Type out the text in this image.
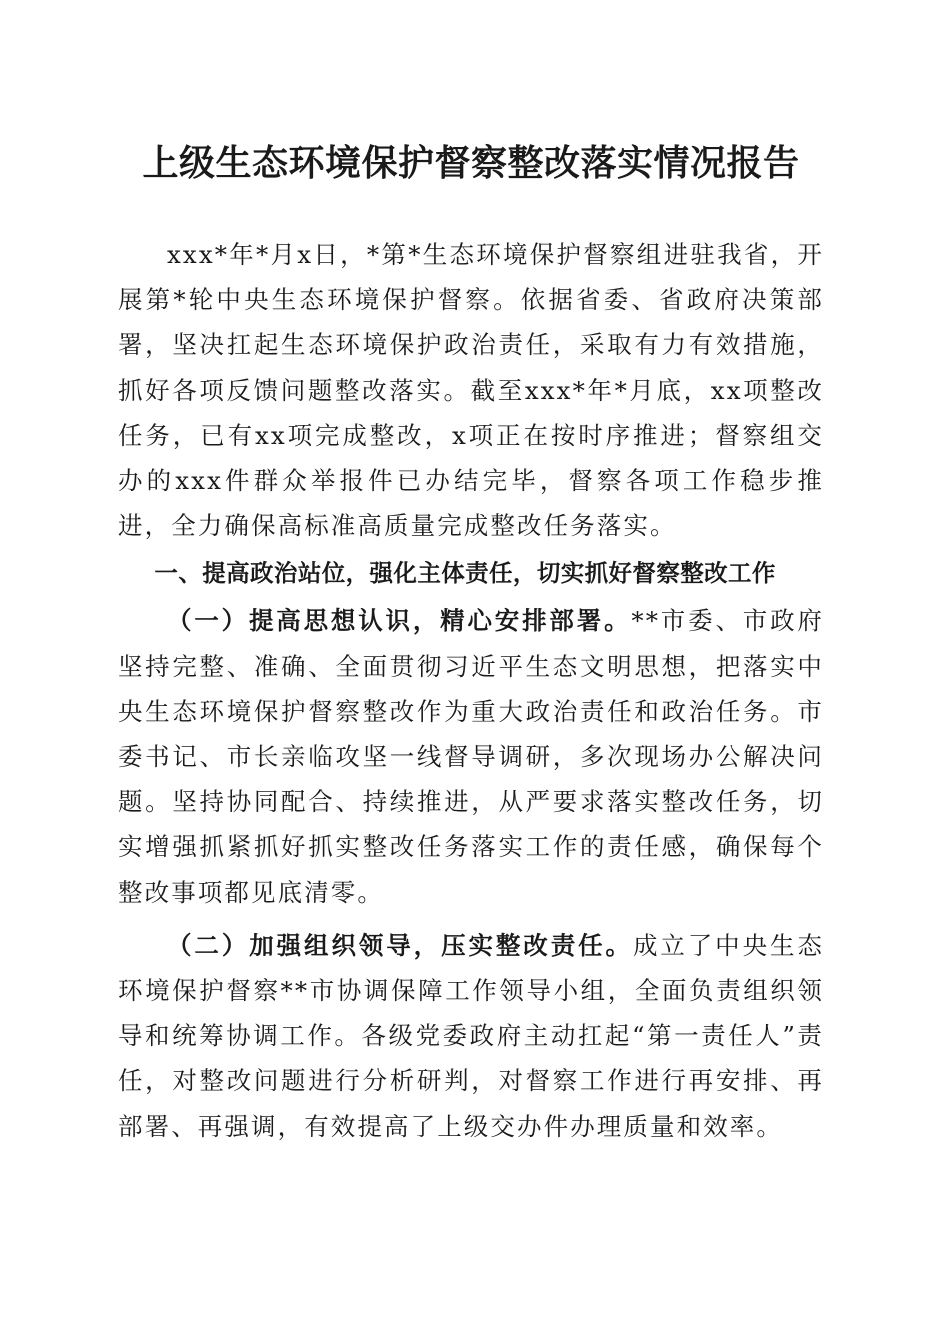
上级生态环境保护督察整改落实情况报告

xxx*年*月x日，*第*生态环境保护督察组进驻我省，开展第*轮中央生态环境保护督察。依据省委、省政府决策部署，坚决扛起生态环境保护政治责任，采取有力有效措施，抓好各项反馈问题整改落实。截至xxx*年*月底，xx项整改任务，已有xx项完成整改，x项正在按时序推进；督察组交办的xxx件群众举报件已办结完毕，督察各项工作稳步推进，全力确保高标准高质量完成整改任务落实。

一、提高政治站位，强化主体责任，切实抓好督察整改工作

（一）提高思想认识，精心安排部署。**市委、市政府坚持完整、准确、全面贯彻习近平生态文明思想，把落实中央生态环境保护督察整改作为重大政治责任和政治任务。市委书记、市长亲临攻坚一线督导调研，多次现场办公解决问题。坚持协同配合、持续推进，从严要求落实整改任务，切实增强抓紧抓好抓实整改任务落实工作的责任感，确保每个整改事项都见底清零。

（二）加强组织领导，压实整改责任。成立了中央生态环境保护督察**市协调保障工作领导小组，全面负责组织领导和统筹协调工作。各级党委政府主动扛起“第一责任人”责任，对整改问题进行分析研判，对督察工作进行再安排、再部署、再强调，有效提高了上级交办件办理质量和效率。
